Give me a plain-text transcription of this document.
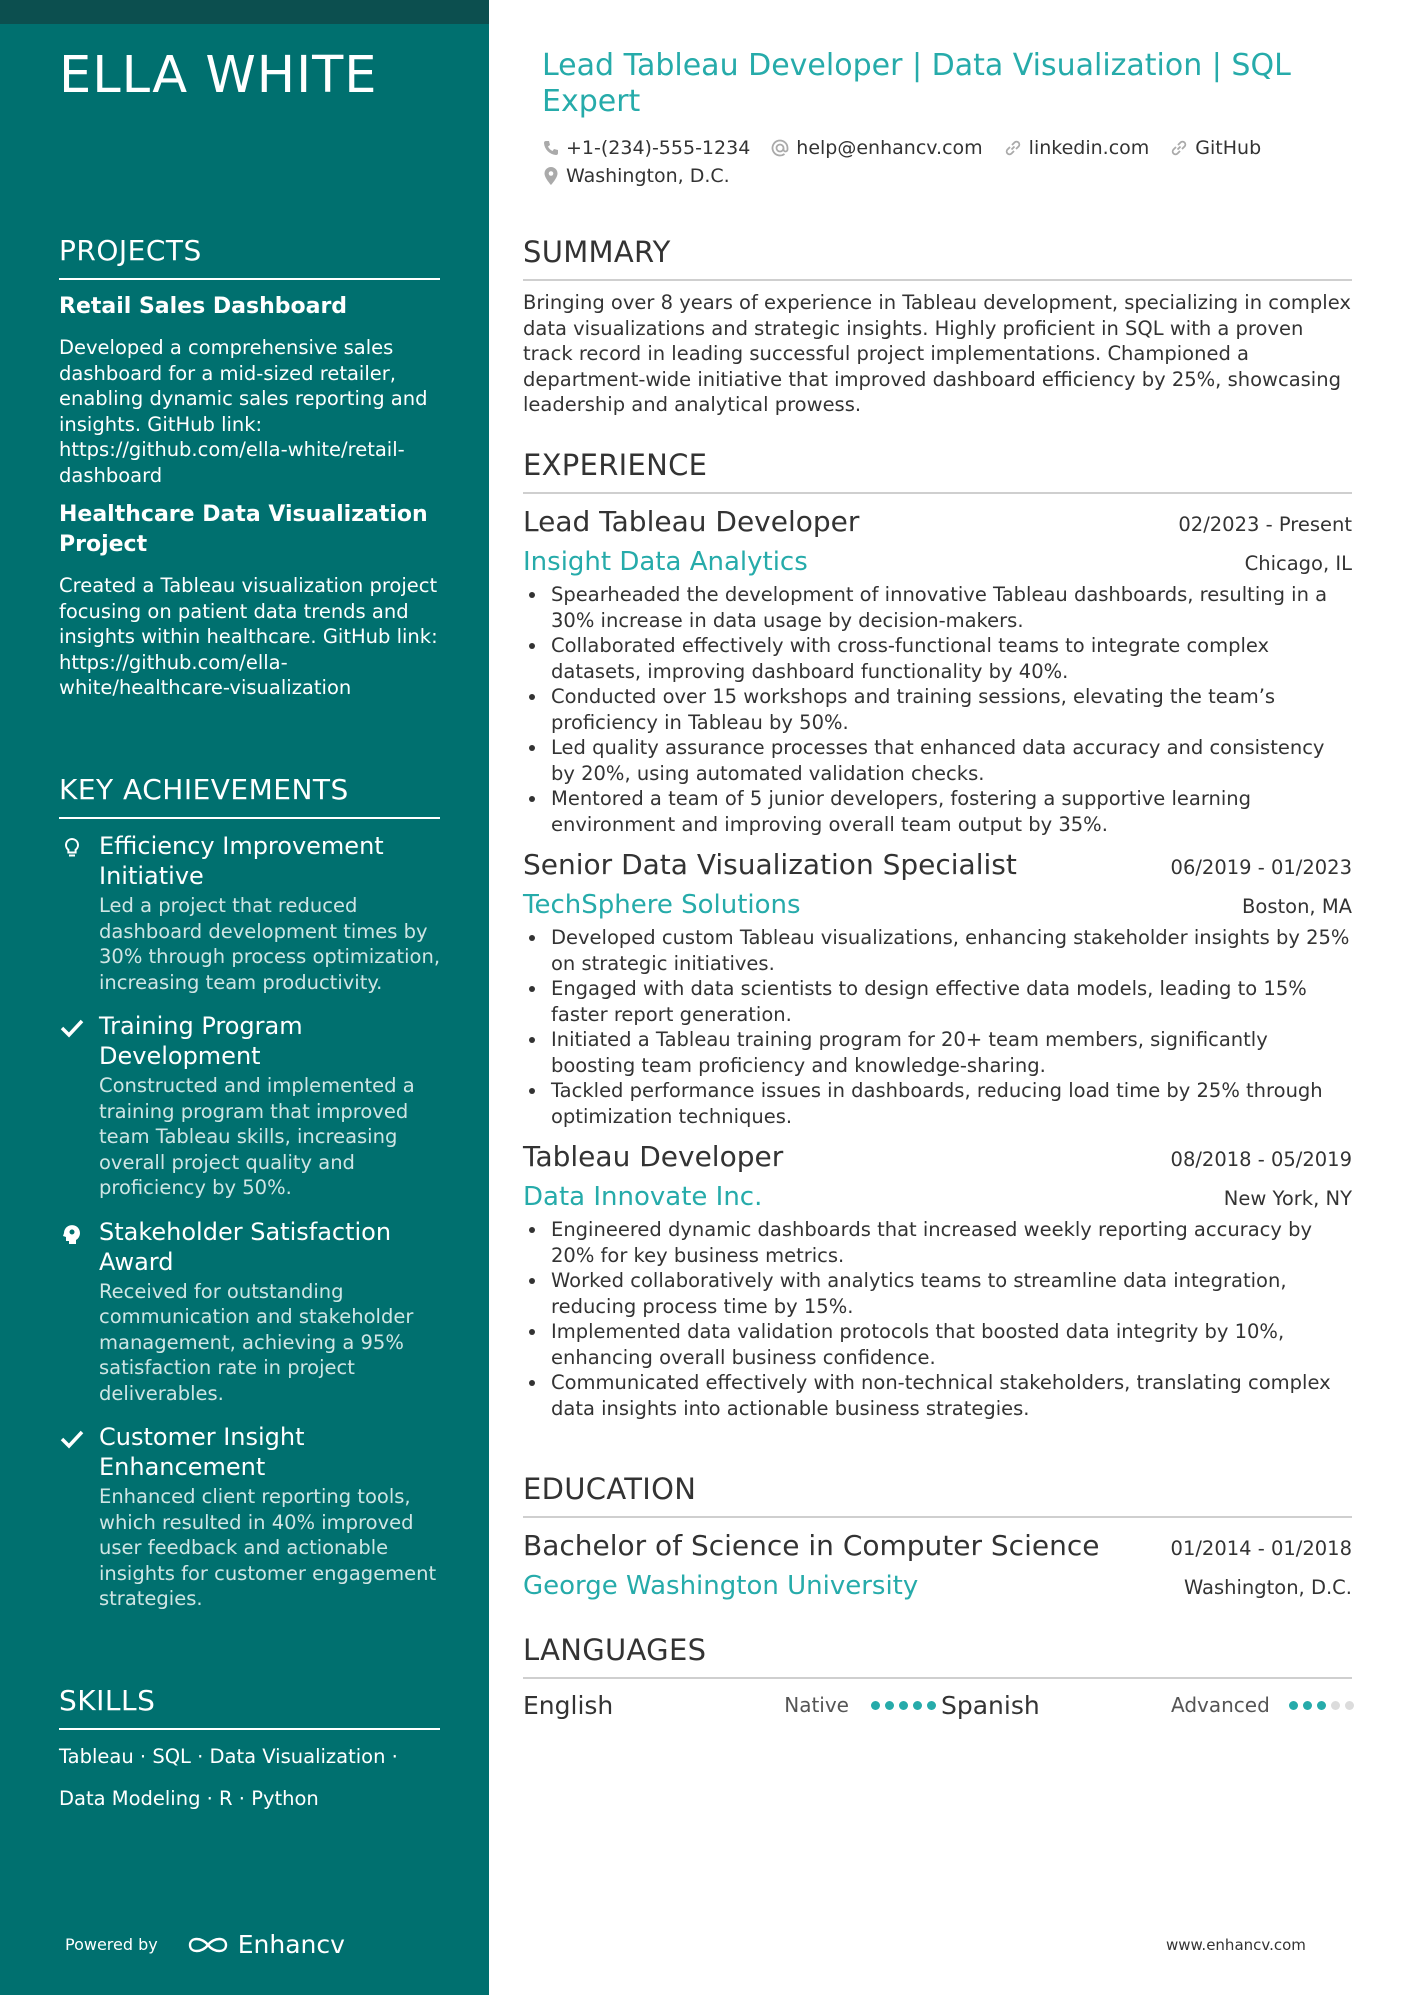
ELLA WHITE
PROJECTS
Retail Sales Dashboard
Developed a comprehensive sales dashboard for a mid-sized retailer, enabling dynamic sales reporting and insights. GitHub link: https://github.com/ella-white/retail-dashboard
Healthcare Data Visualization Project
Created a Tableau visualization project focusing on patient data trends and insights within healthcare. GitHub link: https://github.com/ella-white/healthcare-visualization
KEY ACHIEVEMENTS
Efficiency Improvement Initiative
Led a project that reduced dashboard development times by 30% through process optimization, increasing team productivity.
Training Program Development
Constructed and implemented a training program that improved team Tableau skills, increasing overall project quality and proficiency by 50%.
Stakeholder Satisfaction Award
Received for outstanding communication and stakeholder management, achieving a 95% satisfaction rate in project deliverables.
Customer Insight Enhancement
Enhanced client reporting tools, which resulted in 40% improved user feedback and actionable insights for customer engagement strategies.
SKILLS
Tableau · SQL · Data Visualization ·
Data Modeling · R · Python
Powered by	Enhancv
Lead Tableau Developer | Data Visualization | SQL Expert
+1-(234)-555-1234 help@enhancv.com linkedin.com GitHub
Washington, D.C.
SUMMARY
Bringing over 8 years of experience in Tableau development, specializing in complex data visualizations and strategic insights. Highly proficient in SQL with a proven track record in leading successful project implementations. Championed a department-wide initiative that improved dashboard efficiency by 25%, showcasing leadership and analytical prowess.
EXPERIENCE
Lead Tableau Developer	02/2023 - Present
Insight Data Analytics	Chicago, IL
Spearheaded the development of innovative Tableau dashboards, resulting in a 30% increase in data usage by decision-makers.
Collaborated effectively with cross-functional teams to integrate complex datasets, improving dashboard functionality by 40%.
Conducted over 15 workshops and training sessions, elevating the team’s proficiency in Tableau by 50%.
Led quality assurance processes that enhanced data accuracy and consistency by 20%, using automated validation checks.
Mentored a team of 5 junior developers, fostering a supportive learning environment and improving overall team output by 35%.
Senior Data Visualization Specialist	06/2019 - 01/2023
TechSphere Solutions	Boston, MA
Developed custom Tableau visualizations, enhancing stakeholder insights by 25% on strategic initiatives.
Engaged with data scientists to design effective data models, leading to 15% faster report generation.
Initiated a Tableau training program for 20+ team members, significantly boosting team proficiency and knowledge-sharing.
Tackled performance issues in dashboards, reducing load time by 25% through optimization techniques.
Tableau Developer	08/2018 - 05/2019
Data Innovate Inc.	New York, NY
Engineered dynamic dashboards that increased weekly reporting accuracy by 20% for key business metrics.
Worked collaboratively with analytics teams to streamline data integration, reducing process time by 15%.
Implemented data validation protocols that boosted data integrity by 10%, enhancing overall business confidence.
Communicated effectively with non-technical stakeholders, translating complex data insights into actionable business strategies.
EDUCATION
Bachelor of Science in Computer Science	01/2014 - 01/2018
George Washington University	Washington, D.C.
LANGUAGES
English	Native	Spanish	Advanced
www.enhancv.com
